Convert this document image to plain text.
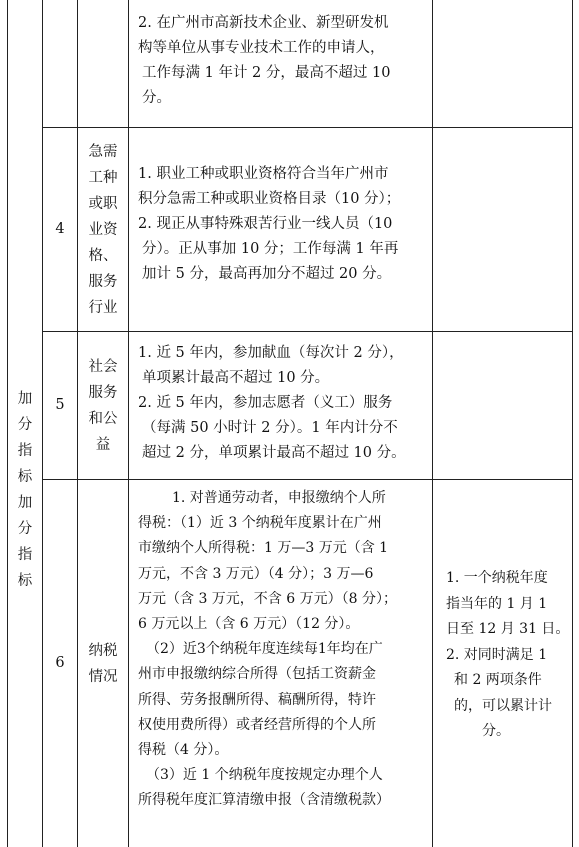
加
分
指
标
加
分
指
标

2. 在广州市高新技术企业、新型研发机

构等单位从事专业技术工作的申请人，

工作每满 1 年计 2 分，最高不超过 10

分。

4
急需
工种
或职
业资
格、
服务
行业

1. 职业工种或职业资格符合当年广州市

积分急需工种或职业资格目录（10 分）；

2. 现正从事特殊艰苦行业一线人员（10

分）。正从事加 10 分；工作每满 1 年再

加计 5 分，最高再加分不超过 20 分。

5
社会
服务
和公
益

1. 近 5 年内，参加献血（每次计 2 分），

单项累计最高不超过 10 分。

2. 近 5 年内，参加志愿者（义工）服务

（每满 50 小时计 2 分）。1 年内计分不

超过 2 分，单项累计最高不超过 10 分。

6
纳税
情况

1. 对普通劳动者，申报缴纳个人所

得税：（1）近 3 个纳税年度累计在广州

市缴纳个人所得税：1 万—3 万元（含 1

万元，不含 3 万元）（4 分）；3 万—6

万元（含 3 万元，不含 6 万元）（8 分）；

6 万元以上（含 6 万元）（12 分）。

（2）近3个纳税年度连续每1年均在广

州市申报缴纳综合所得（包括工资薪金

所得、劳务报酬所得、稿酬所得，特许

权使用费所得）或者经营所得的个人所

得税（4 分）。

（3）近 1 个纳税年度按规定办理个人

所得税年度汇算清缴申报（含清缴税款）

1. 一个纳税年度

指当年的 1 月 1

日至 12 月 31 日。

2. 对同时满足 1

和 2 两项条件

的，可以累计计

分。
